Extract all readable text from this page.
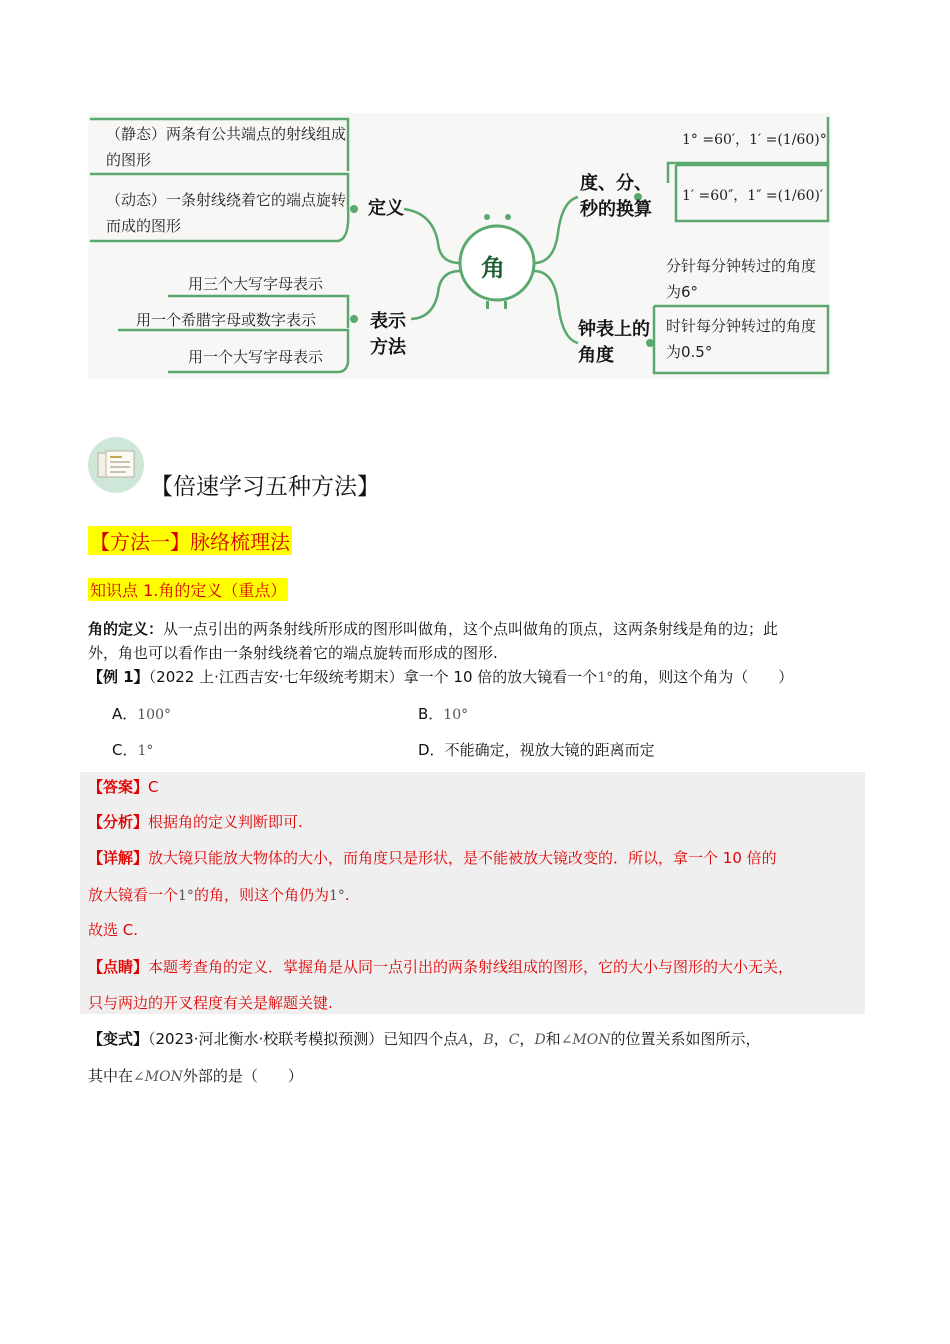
（静态）两条有公共端点的射线组成的图形
（动态）一条射线绕着它的端点旋转而成的图形
定义
用三个大写字母表示
用一个希腊字母或数字表示
用一个大写字母表示
表示方法
角
度、分、秒的换算
1° =60′，1′ =(1/60)°
1′ =60″，1″ =(1/60)′
分针每分钟转过的角度为6°
钟表上的角度
时针每分钟转过的角度为0.5°
【倍速学习五种方法】
【方法一】脉络梳理法
知识点 1.角的定义（重点）
角的定义：从一点引出的两条射线所形成的图形叫做角，这个点叫做角的顶点，这两条射线是角的边；此
外，角也可以看作由一条射线绕着它的端点旋转而形成的图形.
【例 1】（2022 上·江西吉安·七年级统考期末）拿一个 10 倍的放大镜看一个1°的角，则这个角为（　　）
A．100°	B．10°
C．1°	D．不能确定，视放大镜的距离而定
【答案】C
【分析】根据角的定义判断即可.
【详解】放大镜只能放大物体的大小，而角度只是形状，是不能被放大镜改变的．所以，拿一个 10 倍的
放大镜看一个1°的角，则这个角仍为1°.
故选 C.
【点睛】本题考查角的定义．掌握角是从同一点引出的两条射线组成的图形，它的大小与图形的大小无关，
只与两边的开叉程度有关是解题关键.
【变式】（2023·河北衡水·校联考模拟预测）已知四个点A，B，C，D和∠MON的位置关系如图所示，
其中在∠MON外部的是（　　）
